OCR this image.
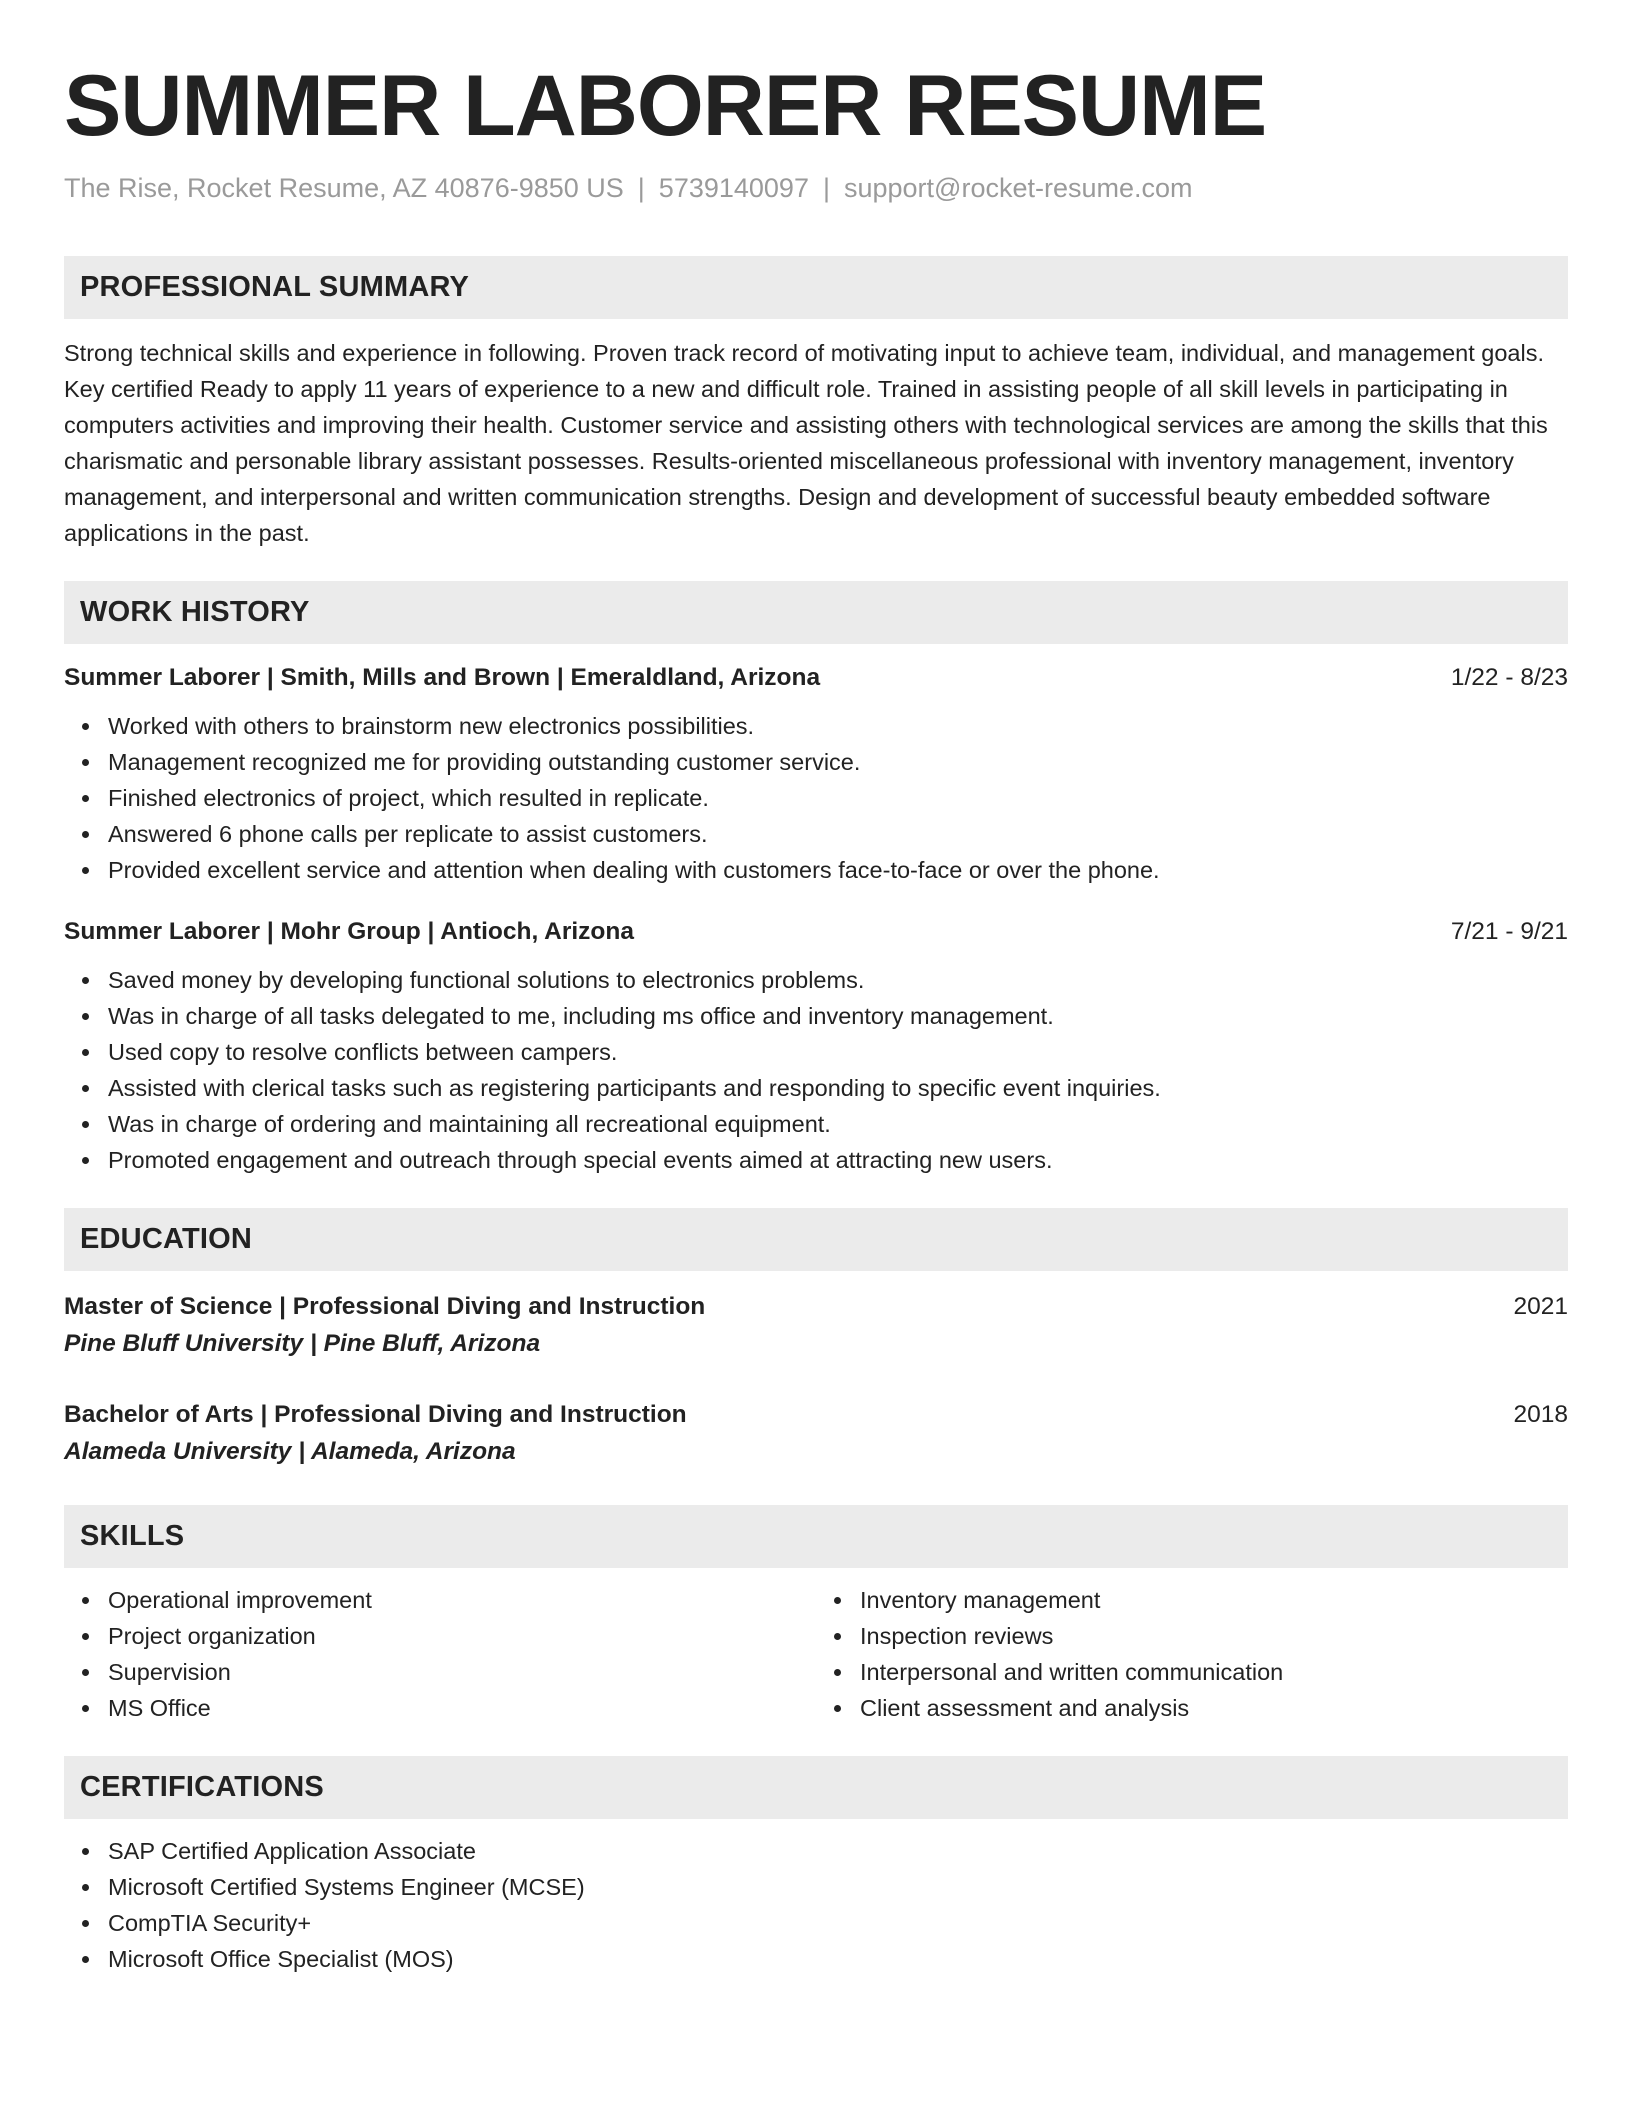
SUMMER LABORER RESUME
The Rise, Rocket Resume, AZ 40876-9850 US | 5739140097 | support@rocket-resume.com
PROFESSIONAL SUMMARY

Strong technical skills and experience in following. Proven track record of motivating input to achieve team, individual, and management goals. Key certified Ready to apply 11 years of experience to a new and difficult role. Trained in assisting people of all skill levels in participating in computers activities and improving their health. Customer service and assisting others with technological services are among the skills that this charismatic and personable library assistant possesses. Results-oriented miscellaneous professional with inventory management, inventory management, and interpersonal and written communication strengths. Design and development of successful beauty embedded software applications in the past.

WORK HISTORY
Summer Laborer | Smith, Mills and Brown | Emeraldland, Arizona	1/22 - 8/23
Worked with others to brainstorm new electronics possibilities.
Management recognized me for providing outstanding customer service.
Finished electronics of project, which resulted in replicate.
Answered 6 phone calls per replicate to assist customers.
Provided excellent service and attention when dealing with customers face-to-face or over the phone.
Summer Laborer | Mohr Group | Antioch, Arizona	7/21 - 9/21
Saved money by developing functional solutions to electronics problems.
Was in charge of all tasks delegated to me, including ms office and inventory management.
Used copy to resolve conflicts between campers.
Assisted with clerical tasks such as registering participants and responding to specific event inquiries.
Was in charge of ordering and maintaining all recreational equipment.
Promoted engagement and outreach through special events aimed at attracting new users.
EDUCATION
Master of Science | Professional Diving and Instruction	2021
Pine Bluff University | Pine Bluff, Arizona
Bachelor of Arts | Professional Diving and Instruction	2018
Alameda University | Alameda, Arizona
SKILLS
Operational improvement
Project organization
Supervision
MS Office
Inventory management
Inspection reviews
Interpersonal and written communication
Client assessment and analysis
CERTIFICATIONS
SAP Certified Application Associate
Microsoft Certified Systems Engineer (MCSE)
CompTIA Security+
Microsoft Office Specialist (MOS)
